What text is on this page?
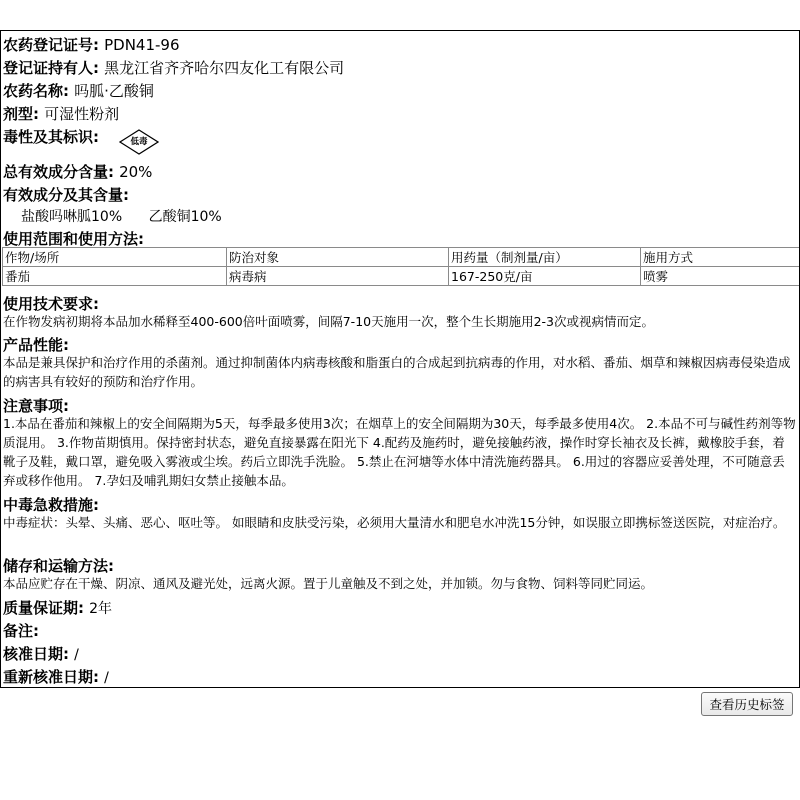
农药登记证号: PDN41-96
登记证持有人: 黑龙江省齐齐哈尔四友化工有限公司
农药名称: 吗胍·乙酸铜
剂型: 可湿性粉剂
毒性及其标识:	低毒
总有效成分含量: 20%
有效成分及其含量:
盐酸吗啉胍10% 乙酸铜10%
使用范围和使用方法:
作物/场所	防治对象	用药量（制剂量/亩）	施用方式
番茄	病毒病	167-250克/亩	喷雾
使用技术要求:
在作物发病初期将本品加水稀释至400-600倍叶面喷雾，间隔7-10天施用一次，整个生长期施用2-3次或视病情而定。
产品性能:
本品是兼具保护和治疗作用的杀菌剂。通过抑制菌体内病毒核酸和脂蛋白的合成起到抗病毒的作用，对水稻、番茄、烟草和辣椒因病毒侵染造成的病害具有较好的预防和治疗作用。
注意事项:
1.本品在番茄和辣椒上的安全间隔期为5天，每季最多使用3次；在烟草上的安全间隔期为30天，每季最多使用4次。 2.本品不可与碱性药剂等物质混用。 3.作物苗期慎用。保持密封状态，避免直接暴露在阳光下 4.配药及施药时，避免接触药液，操作时穿长袖衣及长裤，戴橡胶手套，着靴子及鞋，戴口罩，避免吸入雾液或尘埃。药后立即洗手洗脸。 5.禁止在河塘等水体中清洗施药器具。 6.用过的容器应妥善处理，不可随意丢弃或移作他用。 7.孕妇及哺乳期妇女禁止接触本品。
中毒急救措施:
中毒症状：头晕、头痛、恶心、呕吐等。 如眼睛和皮肤受污染，必须用大量清水和肥皂水冲洗15分钟，如误服立即携标签送医院，对症治疗。
储存和运输方法:
本品应贮存在干燥、阴凉、通风及避光处，远离火源。置于儿童触及不到之处，并加锁。勿与食物、饲料等同贮同运。
质量保证期: 2年
备注:
核准日期: /
重新核准日期: /
查看历史标签
